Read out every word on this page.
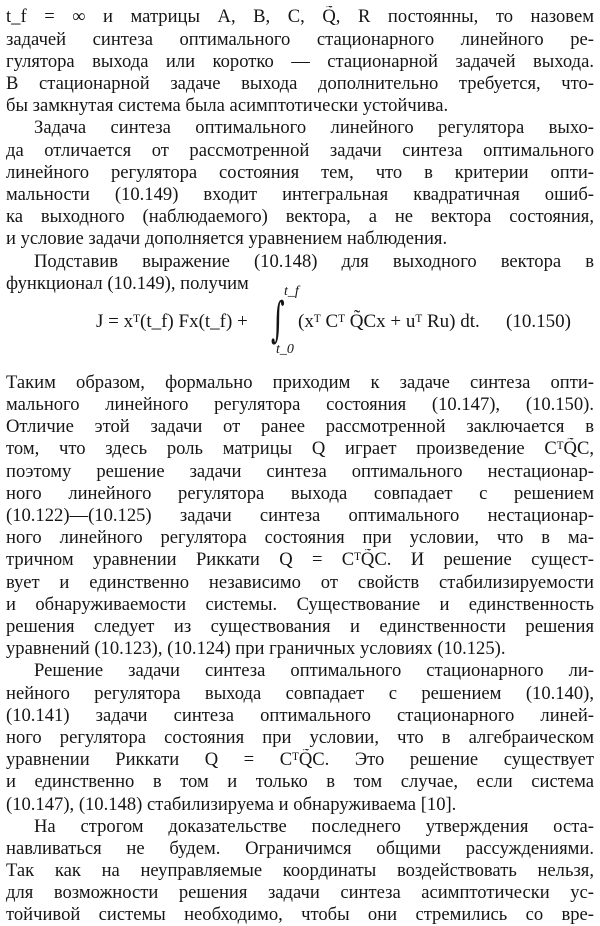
t_f = ∞ и матрицы A, B, C, Q̃, R постоянны, то назовем
задачей синтеза оптимального стационарного линейного ре-
гулятора выхода или коротко — стационарной задачей выхода.
В стационарной задаче выхода дополнительно требуется, что-
бы замкнутая система была асимптотически устойчива.
Задача синтеза оптимального линейного регулятора выхо-
да отличается от рассмотренной задачи синтеза оптимального
линейного регулятора состояния тем, что в критерии опти-
мальности (10.149) входит интегральная квадратичная ошиб-
ка выходного (наблюдаемого) вектора, а не вектора состояния,
и условие задачи дополняется уравнением наблюдения.
Подставив выражение (10.148) для выходного вектора в
функционал (10.149), получим
J = xᵀ(t_f) Fx(t_f) +
t_f
∫
t_0
(xᵀ Cᵀ Q̃Cx + uᵀ Ru) dt. (10.150)
Таким образом, формально приходим к задаче синтеза опти-
мального линейного регулятора состояния (10.147), (10.150).
Отличие этой задачи от ранее рассмотренной заключается в
том, что здесь роль матрицы Q играет произведение CᵀQ̃C,
поэтому решение задачи синтеза оптимального нестационар-
ного линейного регулятора выхода совпадает с решением
(10.122)—(10.125) задачи синтеза оптимального нестационар-
ного линейного регулятора состояния при условии, что в ма-
тричном уравнении Риккати Q = CᵀQ̃C. И решение сущест-
вует и единственно независимо от свойств стабилизируемости
и обнаруживаемости системы. Существование и единственность
решения следует из существования и единственности решения
уравнений (10.123), (10.124) при граничных условиях (10.125).
Решение задачи синтеза оптимального стационарного ли-
нейного регулятора выхода совпадает с решением (10.140),
(10.141) задачи синтеза оптимального стационарного линей-
ного регулятора состояния при условии, что в алгебраическом
уравнении Риккати Q = CᵀQ̃C. Это решение существует
и единственно в том и только в том случае, если система
(10.147), (10.148) стабилизируема и обнаруживаема [10].
На строгом доказательстве последнего утверждения оста-
навливаться не будем. Ограничимся общими рассуждениями.
Так как на неуправляемые координаты воздействовать нельзя,
для возможности решения задачи синтеза асимптотически ус-
тойчивой системы необходимо, чтобы они стремились со вре-
